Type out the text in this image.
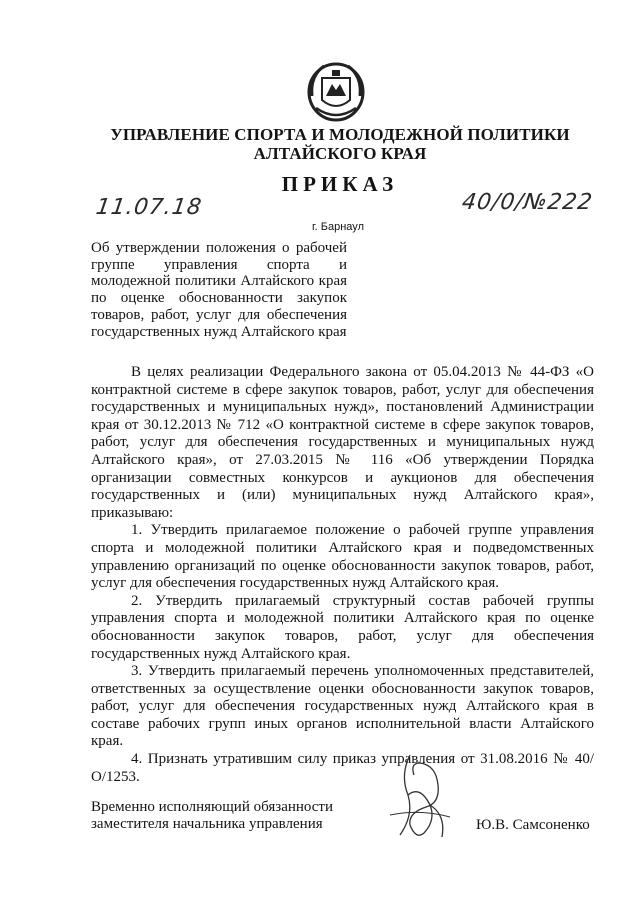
УПРАВЛЕНИЕ СПОРТА И МОЛОДЕЖНОЙ ПОЛИТИКИ
АЛТАЙСКОГО КРАЯ
ПРИКАЗ
11.07.18	40/0/№222
г. Барнаул
Об утверждении положения о рабочей группе управления спорта и молодежной политики Алтайского края по оценке обоснованности закупок товаров, работ, услуг для обеспечения государственных нужд Алтайского края

В целях реализации Федерального закона от 05.04.2013 № 44-ФЗ «О контрактной системе в сфере закупок товаров, работ, услуг для обеспечения государственных и муниципальных нужд», постановлений Администрации края от 30.12.2013 № 712 «О контрактной системе в сфере закупок товаров, работ, услуг для обеспечения государственных и муниципальных нужд Алтайского края», от 27.03.2015 № 116 «Об утверждении Порядка организации совместных конкурсов и аукционов для обеспечения государственных и (или) муниципальных нужд Алтайского края», приказываю:

1. Утвердить прилагаемое положение о рабочей группе управления спорта и молодежной политики Алтайского края и подведомственных управлению организаций по оценке обоснованности закупок товаров, работ, услуг для обеспечения государственных нужд Алтайского края.

2. Утвердить прилагаемый структурный состав рабочей группы управления спорта и молодежной политики Алтайского края по оценке обоснованности закупок товаров, работ, услуг для обеспечения государственных нужд Алтайского края.

3. Утвердить прилагаемый перечень уполномоченных представителей, ответственных за осуществление оценки обоснованности закупок товаров, работ, услуг для обеспечения государственных нужд Алтайского края в составе рабочих групп иных органов исполнительной власти Алтайского края.

4. Признать утратившим силу приказ управления от 31.08.2016 № 40/О/1253.

Временно исполняющий обязанности заместителя начальника управления	Ю.В. Самсоненко
